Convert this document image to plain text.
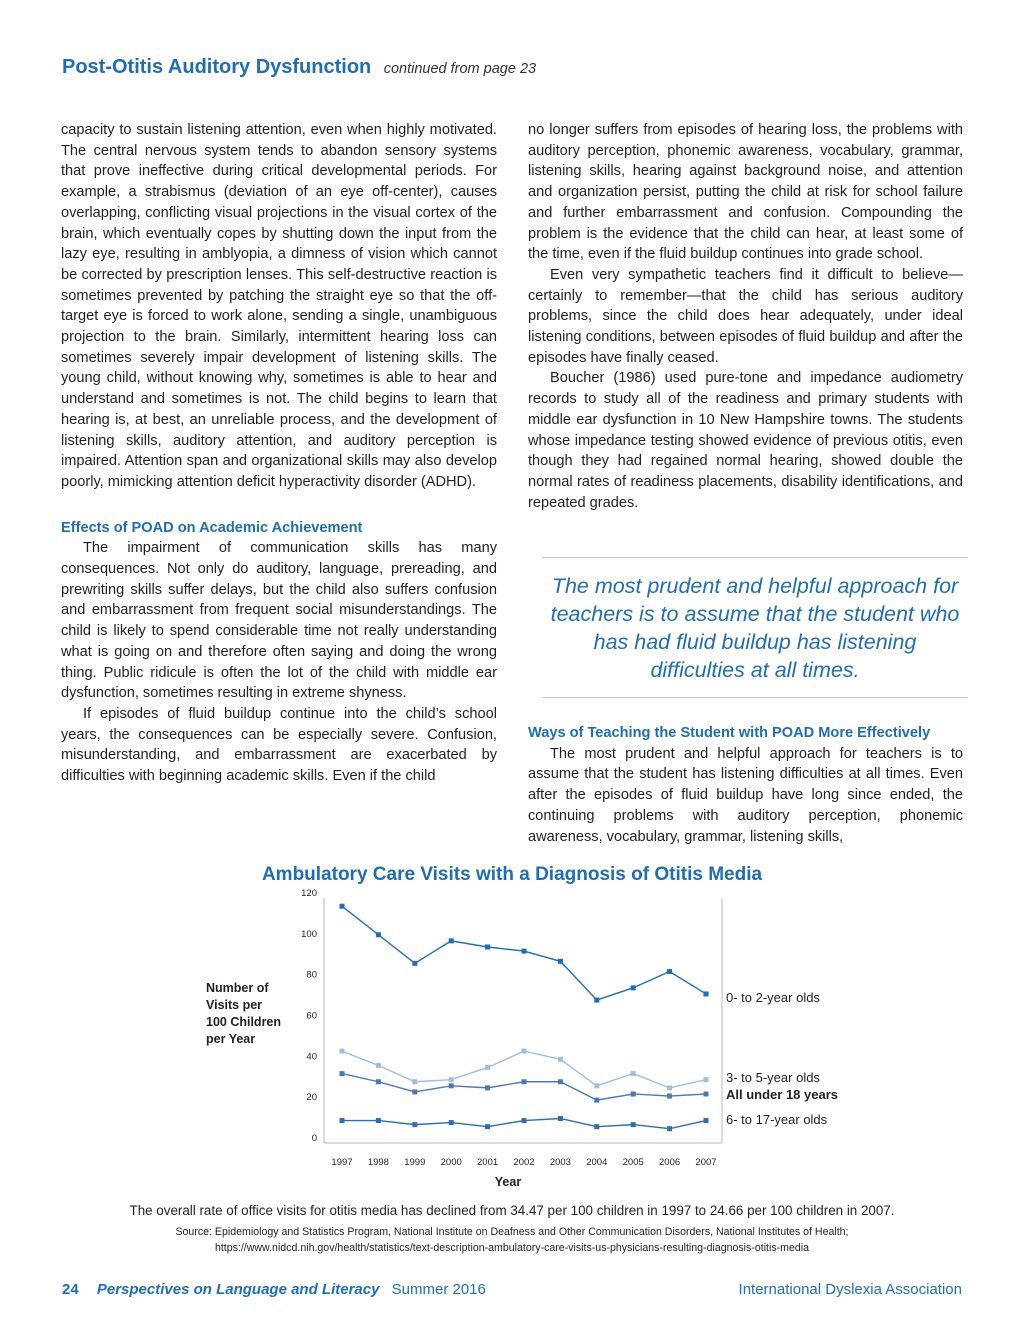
Post-Otitis Auditory Dysfunction continued from page 23

capacity to sustain listening attention, even when highly motivated. The central nervous system tends to abandon sensory systems that prove ineffective during critical developmental periods. For example, a strabismus (deviation of an eye off-center), causes overlapping, conflicting visual projections in the visual cortex of the brain, which eventually copes by shutting down the input from the lazy eye, resulting in amblyopia, a dimness of vision which cannot be corrected by prescription lenses. This self-destructive reaction is sometimes prevented by patching the straight eye so that the off-target eye is forced to work alone, sending a single, unambiguous projection to the brain. Similarly, intermittent hearing loss can sometimes severely impair development of listening skills. The young child, without knowing why, sometimes is able to hear and understand and sometimes is not. The child begins to learn that hearing is, at best, an unreliable process, and the development of listening skills, auditory attention, and auditory perception is impaired. Attention span and organizational skills may also develop poorly, mimicking attention deficit hyperactivity disorder (ADHD).

Effects of POAD on Academic Achievement

The impairment of communication skills has many consequences. Not only do auditory, language, prereading, and prewriting skills suffer delays, but the child also suffers confusion and embarrassment from frequent social misunderstandings. The child is likely to spend considerable time not really understanding what is going on and therefore often saying and doing the wrong thing. Public ridicule is often the lot of the child with middle ear dysfunction, sometimes resulting in extreme shyness.

If episodes of fluid buildup continue into the child’s school years, the consequences can be especially severe. Confusion, misunderstanding, and embarrassment are exacerbated by difficulties with beginning academic skills. Even if the child

no longer suffers from episodes of hearing loss, the problems with auditory perception, phonemic awareness, vocabulary, grammar, listening skills, hearing against background noise, and attention and organization persist, putting the child at risk for school failure and further embarrassment and confusion. Compounding the problem is the evidence that the child can hear, at least some of the time, even if the fluid buildup continues into grade school.

Even very sympathetic teachers find it difficult to believe—certainly to remember—that the child has serious auditory problems, since the child does hear adequately, under ideal listening conditions, between episodes of fluid buildup and after the episodes have finally ceased.

Boucher (1986) used pure-tone and impedance audiometry records to study all of the readiness and primary students with middle ear dysfunction in 10 New Hampshire towns. The students whose impedance testing showed evidence of previous otitis, even though they had regained normal hearing, showed double the normal rates of readiness placements, disability identifications, and repeated grades.

The most prudent and helpful approach for teachers is to assume that the student who has had fluid buildup has listening difficulties at all times.

Ways of Teaching the Student with POAD More Effectively

The most prudent and helpful approach for teachers is to assume that the student has listening difficulties at all times. Even after the episodes of fluid buildup have long since ended, the continuing problems with auditory perception, phonemic awareness, vocabulary, grammar, listening skills,

Ambulatory Care Visits with a Diagnosis of Otitis Media
0
20
40
60
80
100
120
Number of
Visits per
100 Children
per Year
1997 1998 1999 2000 2001 2002 2003 2004 2005 2006 2007
Year
0- to 2-year olds
3- to 5-year olds
All under 18 years
6- to 17-year olds
The overall rate of office visits for otitis media has declined from 34.47 per 100 children in 1997 to 24.66 per 100 children in 2007.
Source: Epidemiology and Statistics Program, National Institute on Deafness and Other Communication Disorders, National Institutes of Health;
https://www.nidcd.nih.gov/health/statistics/text-description-ambulatory-care-visits-us-physicians-resulting-diagnosis-otitis-media
24 Perspectives on Language and Literacy Summer 2016	International Dyslexia Association
